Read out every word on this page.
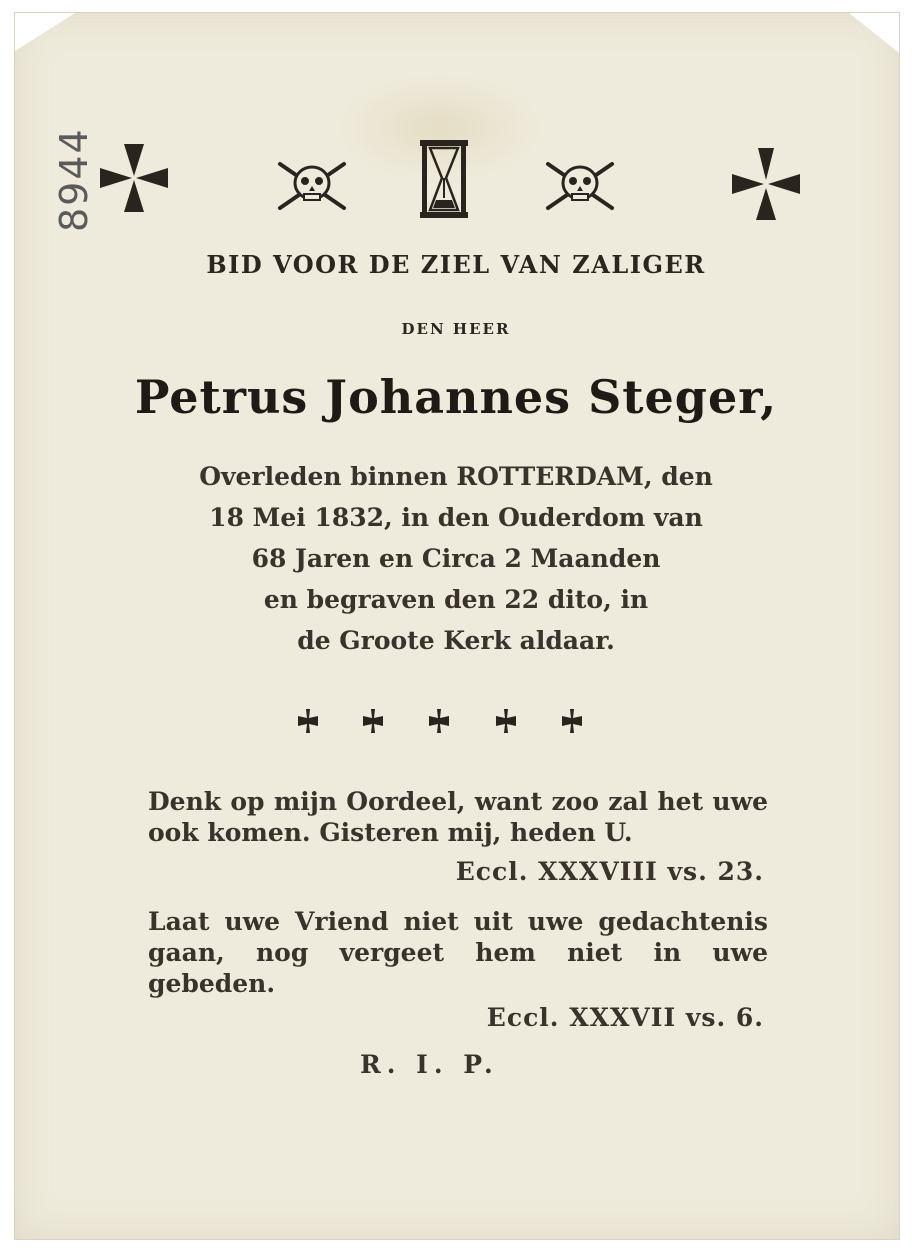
8944
BID VOOR DE ZIEL VAN ZALIGER
DEN HEER
Petrus Johannes Steger,
Overleden binnen ROTTERDAM, den
18 Mei 1832, in den Ouderdom van
68 Jaren en Circa 2 Maanden
en begraven den 22 dito, in
de Groote Kerk aldaar.
Denk op mijn Oordeel, want zoo zal het uwe ook komen. Gisteren mij, heden U.
Eccl. XXXVIII vs. 23.
Laat uwe Vriend niet uit uwe gedachtenis gaan, nog vergeet hem niet in uwe gebeden.
Eccl. XXXVII vs. 6.
R. I. P.
